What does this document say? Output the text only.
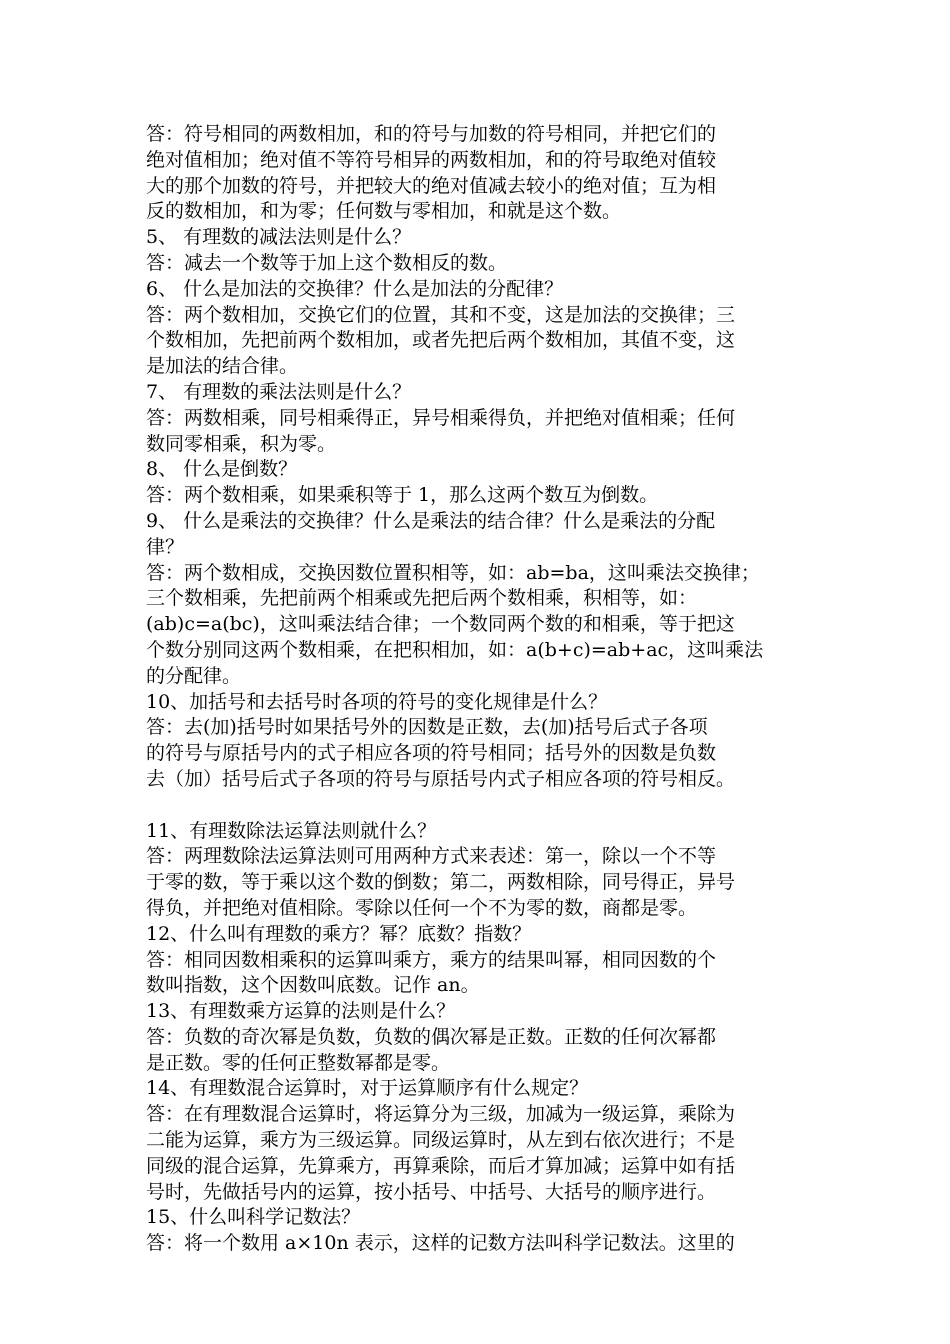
答：符号相同的两数相加，和的符号与加数的符号相同，并把它们的
绝对值相加；绝对值不等符号相异的两数相加，和的符号取绝对值较
大的那个加数的符号，并把较大的绝对值减去较小的绝对值；互为相
反的数相加，和为零；任何数与零相加，和就是这个数。
5、 有理数的减法法则是什么？
答：减去一个数等于加上这个数相反的数。
6、 什么是加法的交换律？什么是加法的分配律？
答：两个数相加，交换它们的位置，其和不变，这是加法的交换律；三
个数相加，先把前两个数相加，或者先把后两个数相加，其值不变，这
是加法的结合律。
7、 有理数的乘法法则是什么？
答：两数相乘，同号相乘得正，异号相乘得负，并把绝对值相乘；任何
数同零相乘，积为零。
8、 什么是倒数？
答：两个数相乘，如果乘积等于 1，那么这两个数互为倒数。
9、 什么是乘法的交换律？什么是乘法的结合律？什么是乘法的分配
律？
答：两个数相成，交换因数位置积相等，如：ab=ba，这叫乘法交换律；
三个数相乘，先把前两个相乘或先把后两个数相乘，积相等，如：
(ab)c=a(bc)，这叫乘法结合律；一个数同两个数的和相乘，等于把这
个数分别同这两个数相乘，在把积相加，如：a(b+c)=ab+ac，这叫乘法
的分配律。
10、加括号和去括号时各项的符号的变化规律是什么？
答：去(加)括号时如果括号外的因数是正数，去(加)括号后式子各项
的符号与原括号内的式子相应各项的符号相同；括号外的因数是负数
去（加）括号后式子各项的符号与原括号内式子相应各项的符号相反。
11、有理数除法运算法则就什么？
答：两理数除法运算法则可用两种方式来表述：第一，除以一个不等
于零的数，等于乘以这个数的倒数；第二，两数相除，同号得正，异号
得负，并把绝对值相除。零除以任何一个不为零的数，商都是零。
12、什么叫有理数的乘方？幂？底数？指数？
答：相同因数相乘积的运算叫乘方，乘方的结果叫幂，相同因数的个
数叫指数，这个因数叫底数。记作 an。
13、有理数乘方运算的法则是什么？
答：负数的奇次幂是负数，负数的偶次幂是正数。正数的任何次幂都
是正数。零的任何正整数幂都是零。
14、有理数混合运算时，对于运算顺序有什么规定？
答：在有理数混合运算时，将运算分为三级，加减为一级运算，乘除为
二能为运算，乘方为三级运算。同级运算时，从左到右依次进行；不是
同级的混合运算，先算乘方，再算乘除，而后才算加减；运算中如有括
号时，先做括号内的运算，按小括号、中括号、大括号的顺序进行。
15、什么叫科学记数法？
答：将一个数用 a×10n 表示，这样的记数方法叫科学记数法。这里的
